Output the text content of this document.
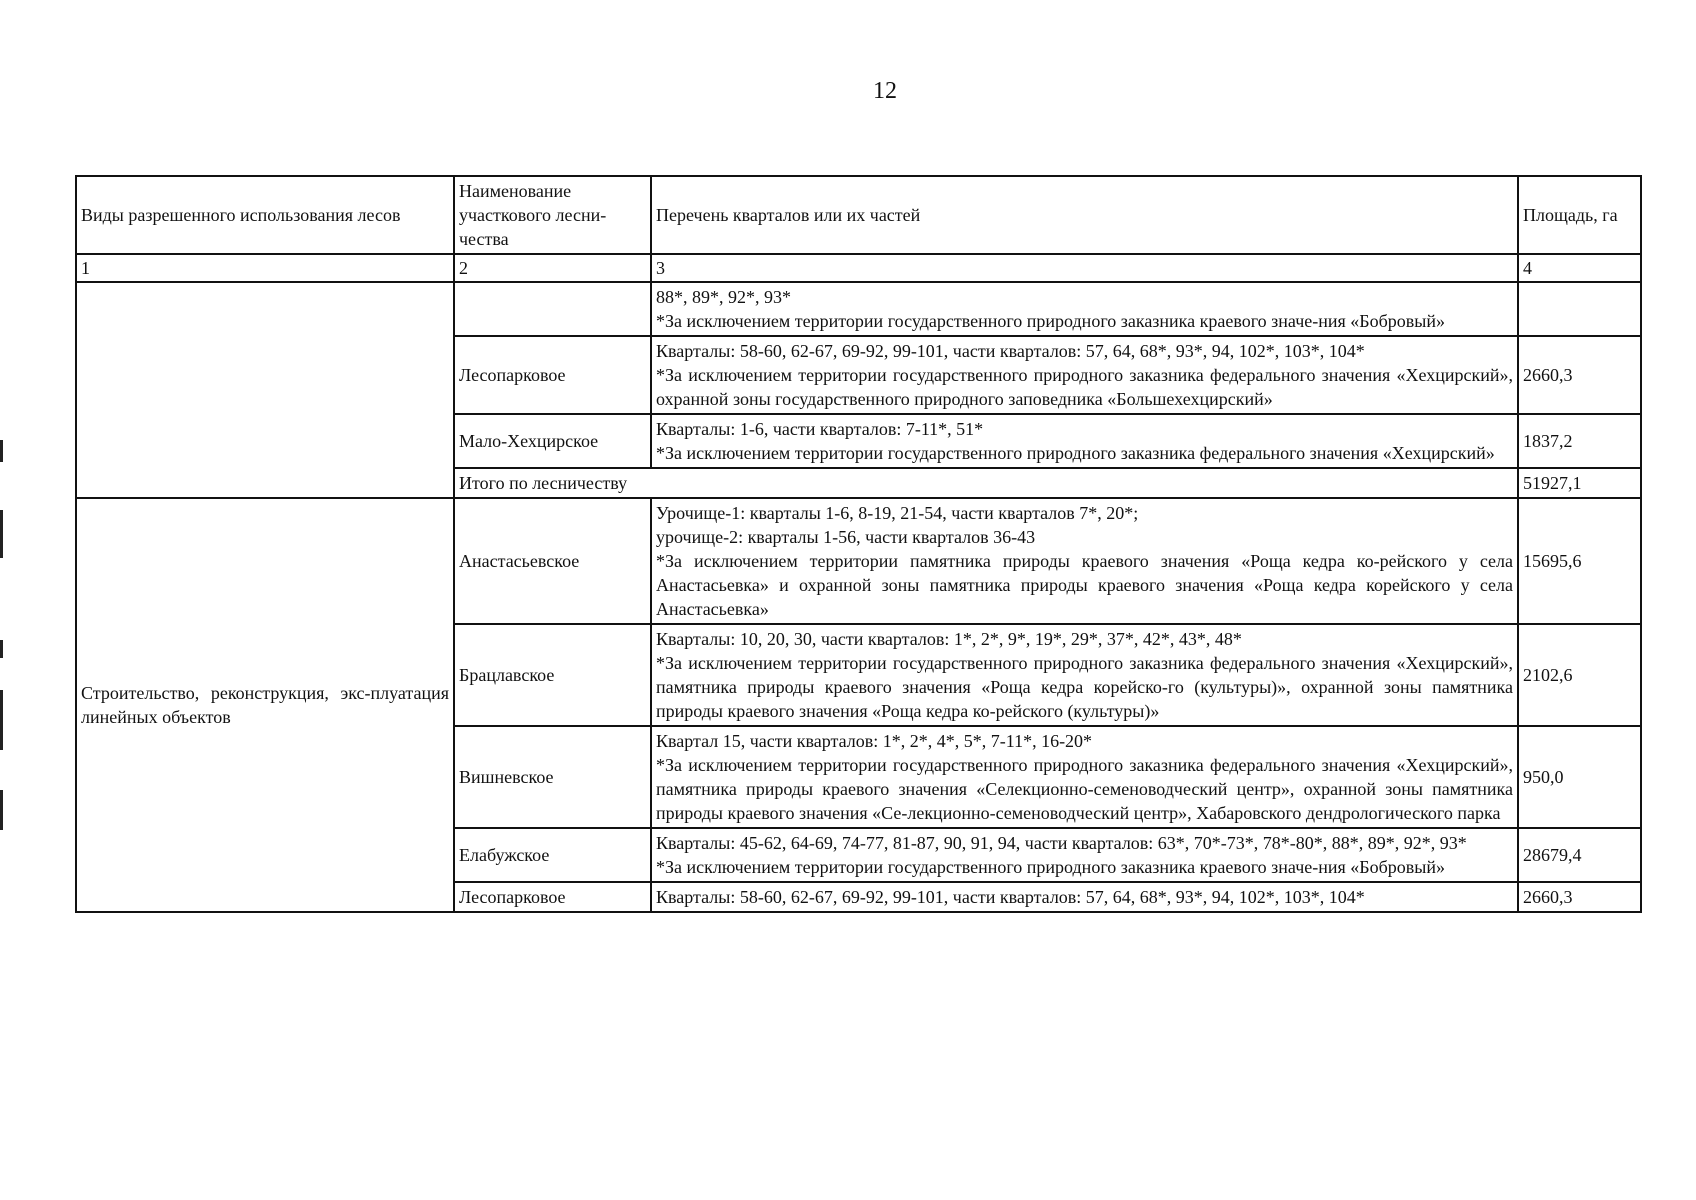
12
Виды разрешенного использования лесов	Наименование участкового лесни-чества	Перечень кварталов или их частей	Площадь, га
1	2	3	4

		88*, 89*, 92*, 93*
*За исключением территории государственного природного заказника краевого значе-ния «Бобровый»	

	Лесопарковое	Кварталы: 58-60, 62-67, 69-92, 99-101, части кварталов: 57, 64, 68*, 93*, 94, 102*, 103*, 104*
*За исключением территории государственного природного заказника федерального значения «Хехцирский», охранной зоны государственного природного заповедника «Большехехцирский»	2660,3
	Мало-Хехцирское	Кварталы: 1-6, части кварталов: 7-11*, 51*
*За исключением территории государственного природного заказника федерального значения «Хехцирский»	1837,2
	Итого по лесничеству		51927,1
Строительство, реконструкция, экс-плуатация линейных объектов	Анастасьевское	Урочище-1: кварталы 1-6, 8-19, 21-54, части кварталов 7*, 20*;
урочище-2: кварталы 1-56, части кварталов 36-43
*За исключением территории памятника природы краевого значения «Роща кедра ко-рейского у села Анастасьевка» и охранной зоны памятника природы краевого значения «Роща кедра корейского у села Анастасьевка»	15695,6
	Брацлавское	Кварталы: 10, 20, 30, части кварталов: 1*, 2*, 9*, 19*, 29*, 37*, 42*, 43*, 48*
*За исключением территории государственного природного заказника федерального значения «Хехцирский», памятника природы краевого значения «Роща кедра корейско-го (культуры)», охранной зоны памятника природы краевого значения «Роща кедра ко-рейского (культуры)»	2102,6
	Вишневское	Квартал 15, части кварталов: 1*, 2*, 4*, 5*, 7-11*, 16-20*
*За исключением территории государственного природного заказника федерального значения «Хехцирский», памятника природы краевого значения «Селекционно-семеноводческий центр», охранной зоны памятника природы краевого значения «Се-лекционно-семеноводческий центр», Хабаровского дендрологического парка	950,0
	Елабужское	Кварталы: 45-62, 64-69, 74-77, 81-87, 90, 91, 94, части кварталов: 63*, 70*-73*, 78*-80*, 88*, 89*, 92*, 93*
*За исключением территории государственного природного заказника краевого значе-ния «Бобровый»	28679,4
	Лесопарковое	Кварталы: 58-60, 62-67, 69-92, 99-101, части кварталов: 57, 64, 68*, 93*, 94, 102*, 103*, 104*	2660,3
